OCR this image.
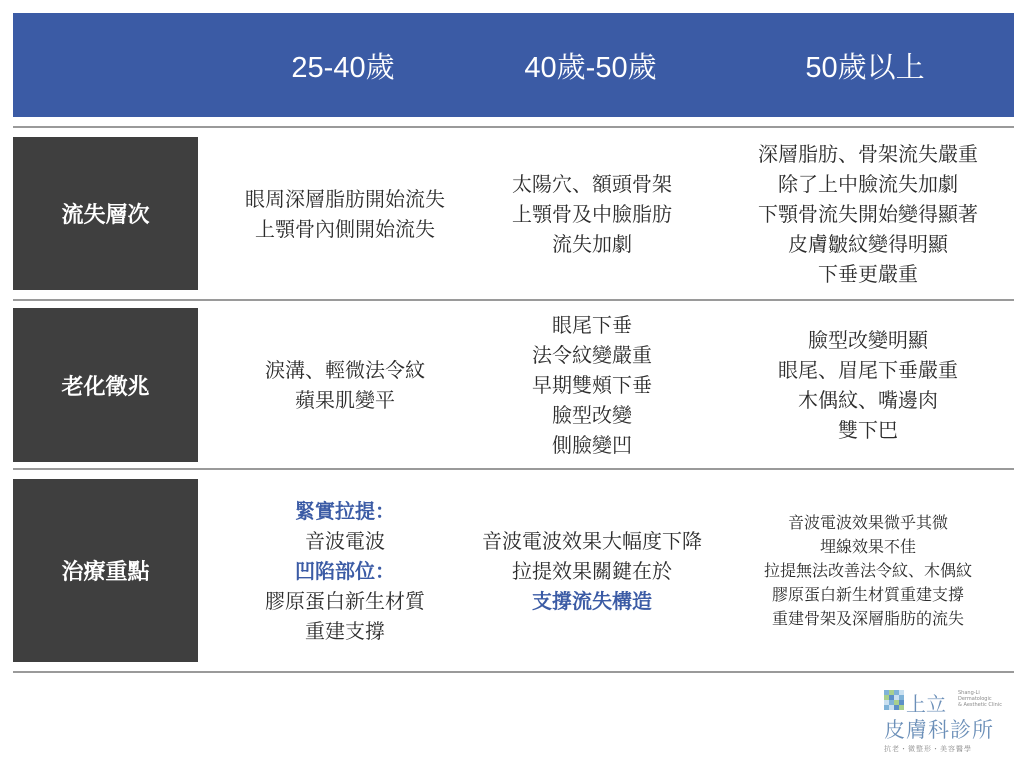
25-40歲	40歲-50歲	50歲以上
流失層次
老化徵兆
治療重點
眼周深層脂肪開始流失
上顎骨內側開始流失
太陽穴、額頭骨架
上顎骨及中臉脂肪
流失加劇
深層脂肪、骨架流失嚴重
除了上中臉流失加劇
下顎骨流失開始變得顯著
皮膚皺紋變得明顯
下垂更嚴重
淚溝、輕微法令紋
蘋果肌變平
眼尾下垂
法令紋變嚴重
早期雙頰下垂
臉型改變
側臉變凹
臉型改變明顯
眼尾、眉尾下垂嚴重
木偶紋、嘴邊肉
雙下巴
緊實拉提：
音波電波
凹陷部位：
膠原蛋白新生材質
重建支撐
音波電波效果大幅度下降
拉提效果關鍵在於
支撐流失構造
音波電波效果微乎其微
埋線效果不佳
拉提無法改善法令紋、木偶紋
膠原蛋白新生材質重建支撐
重建骨架及深層脂肪的流失
上立 Shang-Li
Dermatologic
& Aesthetic Clinic
皮膚科診所
抗老・微整形・美容醫學
